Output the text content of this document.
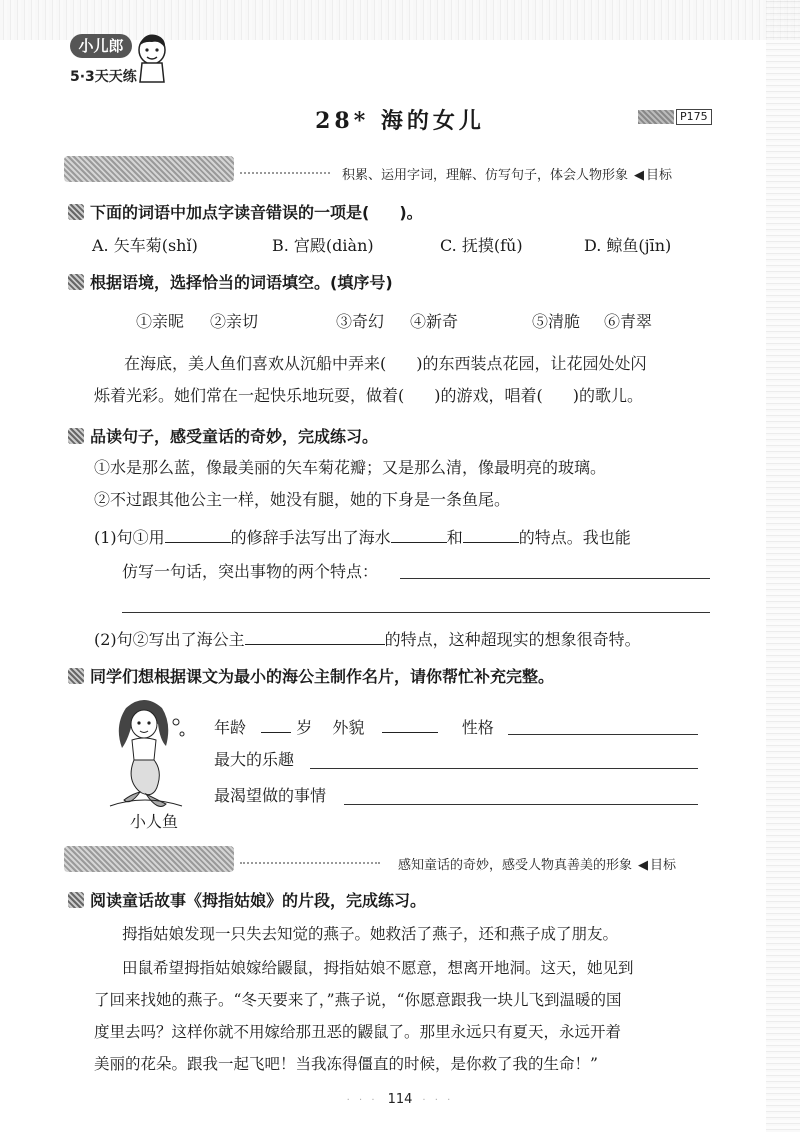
小儿郎
5·3天天练
28* 海的女儿	P175
积累、运用字词，理解、仿写句子，体会人物形象 ◀ 目标
下面的词语中加点字读音错误的一项是( )。
A. 矢车菊(shǐ)	B. 宫殿(diàn)	C. 抚摸(fǔ)	D. 鲸鱼(jīn)
根据语境，选择恰当的词语填空。(填序号)
①亲昵 ②亲切	③奇幻 ④新奇	⑤清脆 ⑥青翠
在海底，美人鱼们喜欢从沉船中弄来( )的东西装点花园，让花园处处闪
烁着光彩。她们常在一起快乐地玩耍，做着( )的游戏，唱着( )的歌儿。
品读句子，感受童话的奇妙，完成练习。
①水是那么蓝，像最美丽的矢车菊花瓣；又是那么清，像最明亮的玻璃。
②不过跟其他公主一样，她没有腿，她的下身是一条鱼尾。
(1)句①用	的修辞手法写出了海水	和	的特点。我也能
仿写一句话，突出事物的两个特点：
(2)句②写出了海公主	的特点，这种超现实的想象很奇特。
同学们想根据课文为最小的海公主制作名片，请你帮忙补充完整。
小人鱼
年龄	岁 外貌	性格
最大的乐趣
最渴望做的事情
感知童话的奇妙，感受人物真善美的形象 ◀ 目标
阅读童话故事《拇指姑娘》的片段，完成练习。
拇指姑娘发现一只失去知觉的燕子。她救活了燕子，还和燕子成了朋友。
田鼠希望拇指姑娘嫁给鼹鼠，拇指姑娘不愿意，想离开地洞。这天，她见到
了回来找她的燕子。“冬天要来了，”燕子说，“你愿意跟我一块儿飞到温暖的国
度里去吗？这样你就不用嫁给那丑恶的鼹鼠了。那里永远只有夏天，永远开着
美丽的花朵。跟我一起飞吧！当我冻得僵直的时候，是你救了我的生命！”
· · · 114 · · ·
